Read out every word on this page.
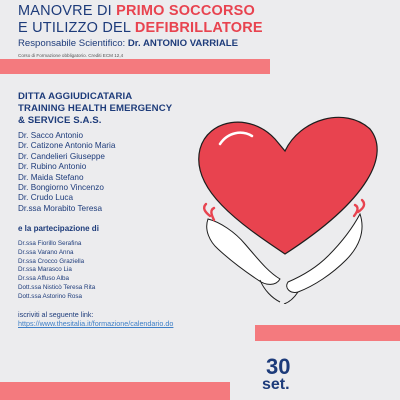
MANOVRE DI PRIMO SOCCORSO
E UTILIZZO DEL DEFIBRILLATORE
Responsabile Scientifico: Dr. ANTONIO VARRIALE
Corso di Formazione obbligatorio. Crediti ECM 12,4
DITTA AGGIUDICATARIA
TRAINING HEALTH EMERGENCY
& SERVICE S.A.S.
Dr. Sacco Antonio
Dr. Catizone Antonio Maria
Dr. Candelieri Giuseppe
Dr. Rubino Antonio
Dr. Maida Stefano
Dr. Bongiorno Vincenzo
Dr. Crudo Luca
Dr.ssa Morabito Teresa
e la partecipazione di
Dr.ssa Fiorillo Serafina
Dr.ssa Varano Anna
Dr.ssa Crocco Graziella
Dr.ssa Marasco Lia
Dr.ssa Affuso Alba
Dott.ssa Nisticò Teresa Rita
Dott.ssa Astorino Rosa
iscriviti al seguente link:
https://www.thesitalia.it/formazione/calendario.do
30
set.
